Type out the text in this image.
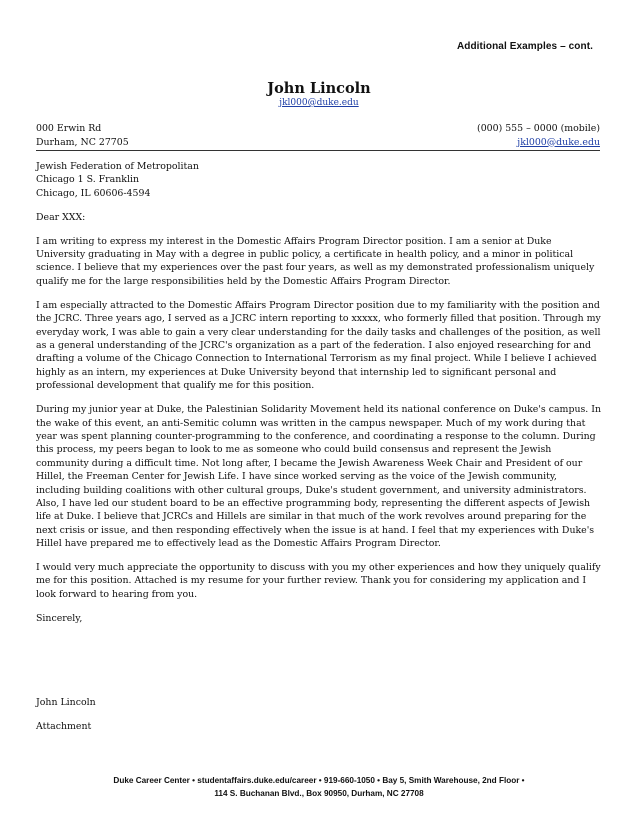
Additional Examples – cont.
John Lincoln
jkl000@duke.edu
000 Erwin Rd	(000) 555 – 0000 (mobile)
Durham, NC 27705	jkl000@duke.edu

Jewish Federation of Metropolitan

Chicago 1 S. Franklin

Chicago, IL 60606-4594

Dear XXX:

I am writing to express my interest in the Domestic Affairs Program Director position. I am a senior at Duke University graduating in May with a degree in public policy, a certificate in health policy, and a minor in political science. I believe that my experiences over the past four years, as well as my demonstrated professionalism uniquely qualify me for the large responsibilities held by the Domestic Affairs Program Director.

I am especially attracted to the Domestic Affairs Program Director position due to my familiarity with the position and the JCRC. Three years ago, I served as a JCRC intern reporting to xxxxx, who formerly filled that position. Through my everyday work, I was able to gain a very clear understanding for the daily tasks and challenges of the position, as well as a general understanding of the JCRC's organization as a part of the federation. I also enjoyed researching for and drafting a volume of the Chicago Connection to International Terrorism as my final project. While I believe I achieved highly as an intern, my experiences at Duke University beyond that internship led to significant personal and professional development that qualify me for this position.

During my junior year at Duke, the Palestinian Solidarity Movement held its national conference on Duke's campus. In the wake of this event, an anti-Semitic column was written in the campus newspaper. Much of my work during that year was spent planning counter-programming to the conference, and coordinating a response to the column. During this process, my peers began to look to me as someone who could build consensus and represent the Jewish community during a difficult time. Not long after, I became the Jewish Awareness Week Chair and President of our Hillel, the Freeman Center for Jewish Life. I have since worked serving as the voice of the Jewish community, including building coalitions with other cultural groups, Duke's student government, and university administrators. Also, I have led our student board to be an effective programming body, representing the different aspects of Jewish life at Duke. I believe that JCRCs and Hillels are similar in that much of the work revolves around preparing for the next crisis or issue, and then responding effectively when the issue is at hand. I feel that my experiences with Duke's Hillel have prepared me to effectively lead as the Domestic Affairs Program Director.

I would very much appreciate the opportunity to discuss with you my other experiences and how they uniquely qualify me for this position. Attached is my resume for your further review. Thank you for considering my application and I look forward to hearing from you.

Sincerely,

John Lincoln

Attachment

Duke Career Center • studentaffairs.duke.edu/career • 919-660-1050 • Bay 5, Smith Warehouse, 2nd Floor •
114 S. Buchanan Blvd., Box 90950, Durham, NC 27708
